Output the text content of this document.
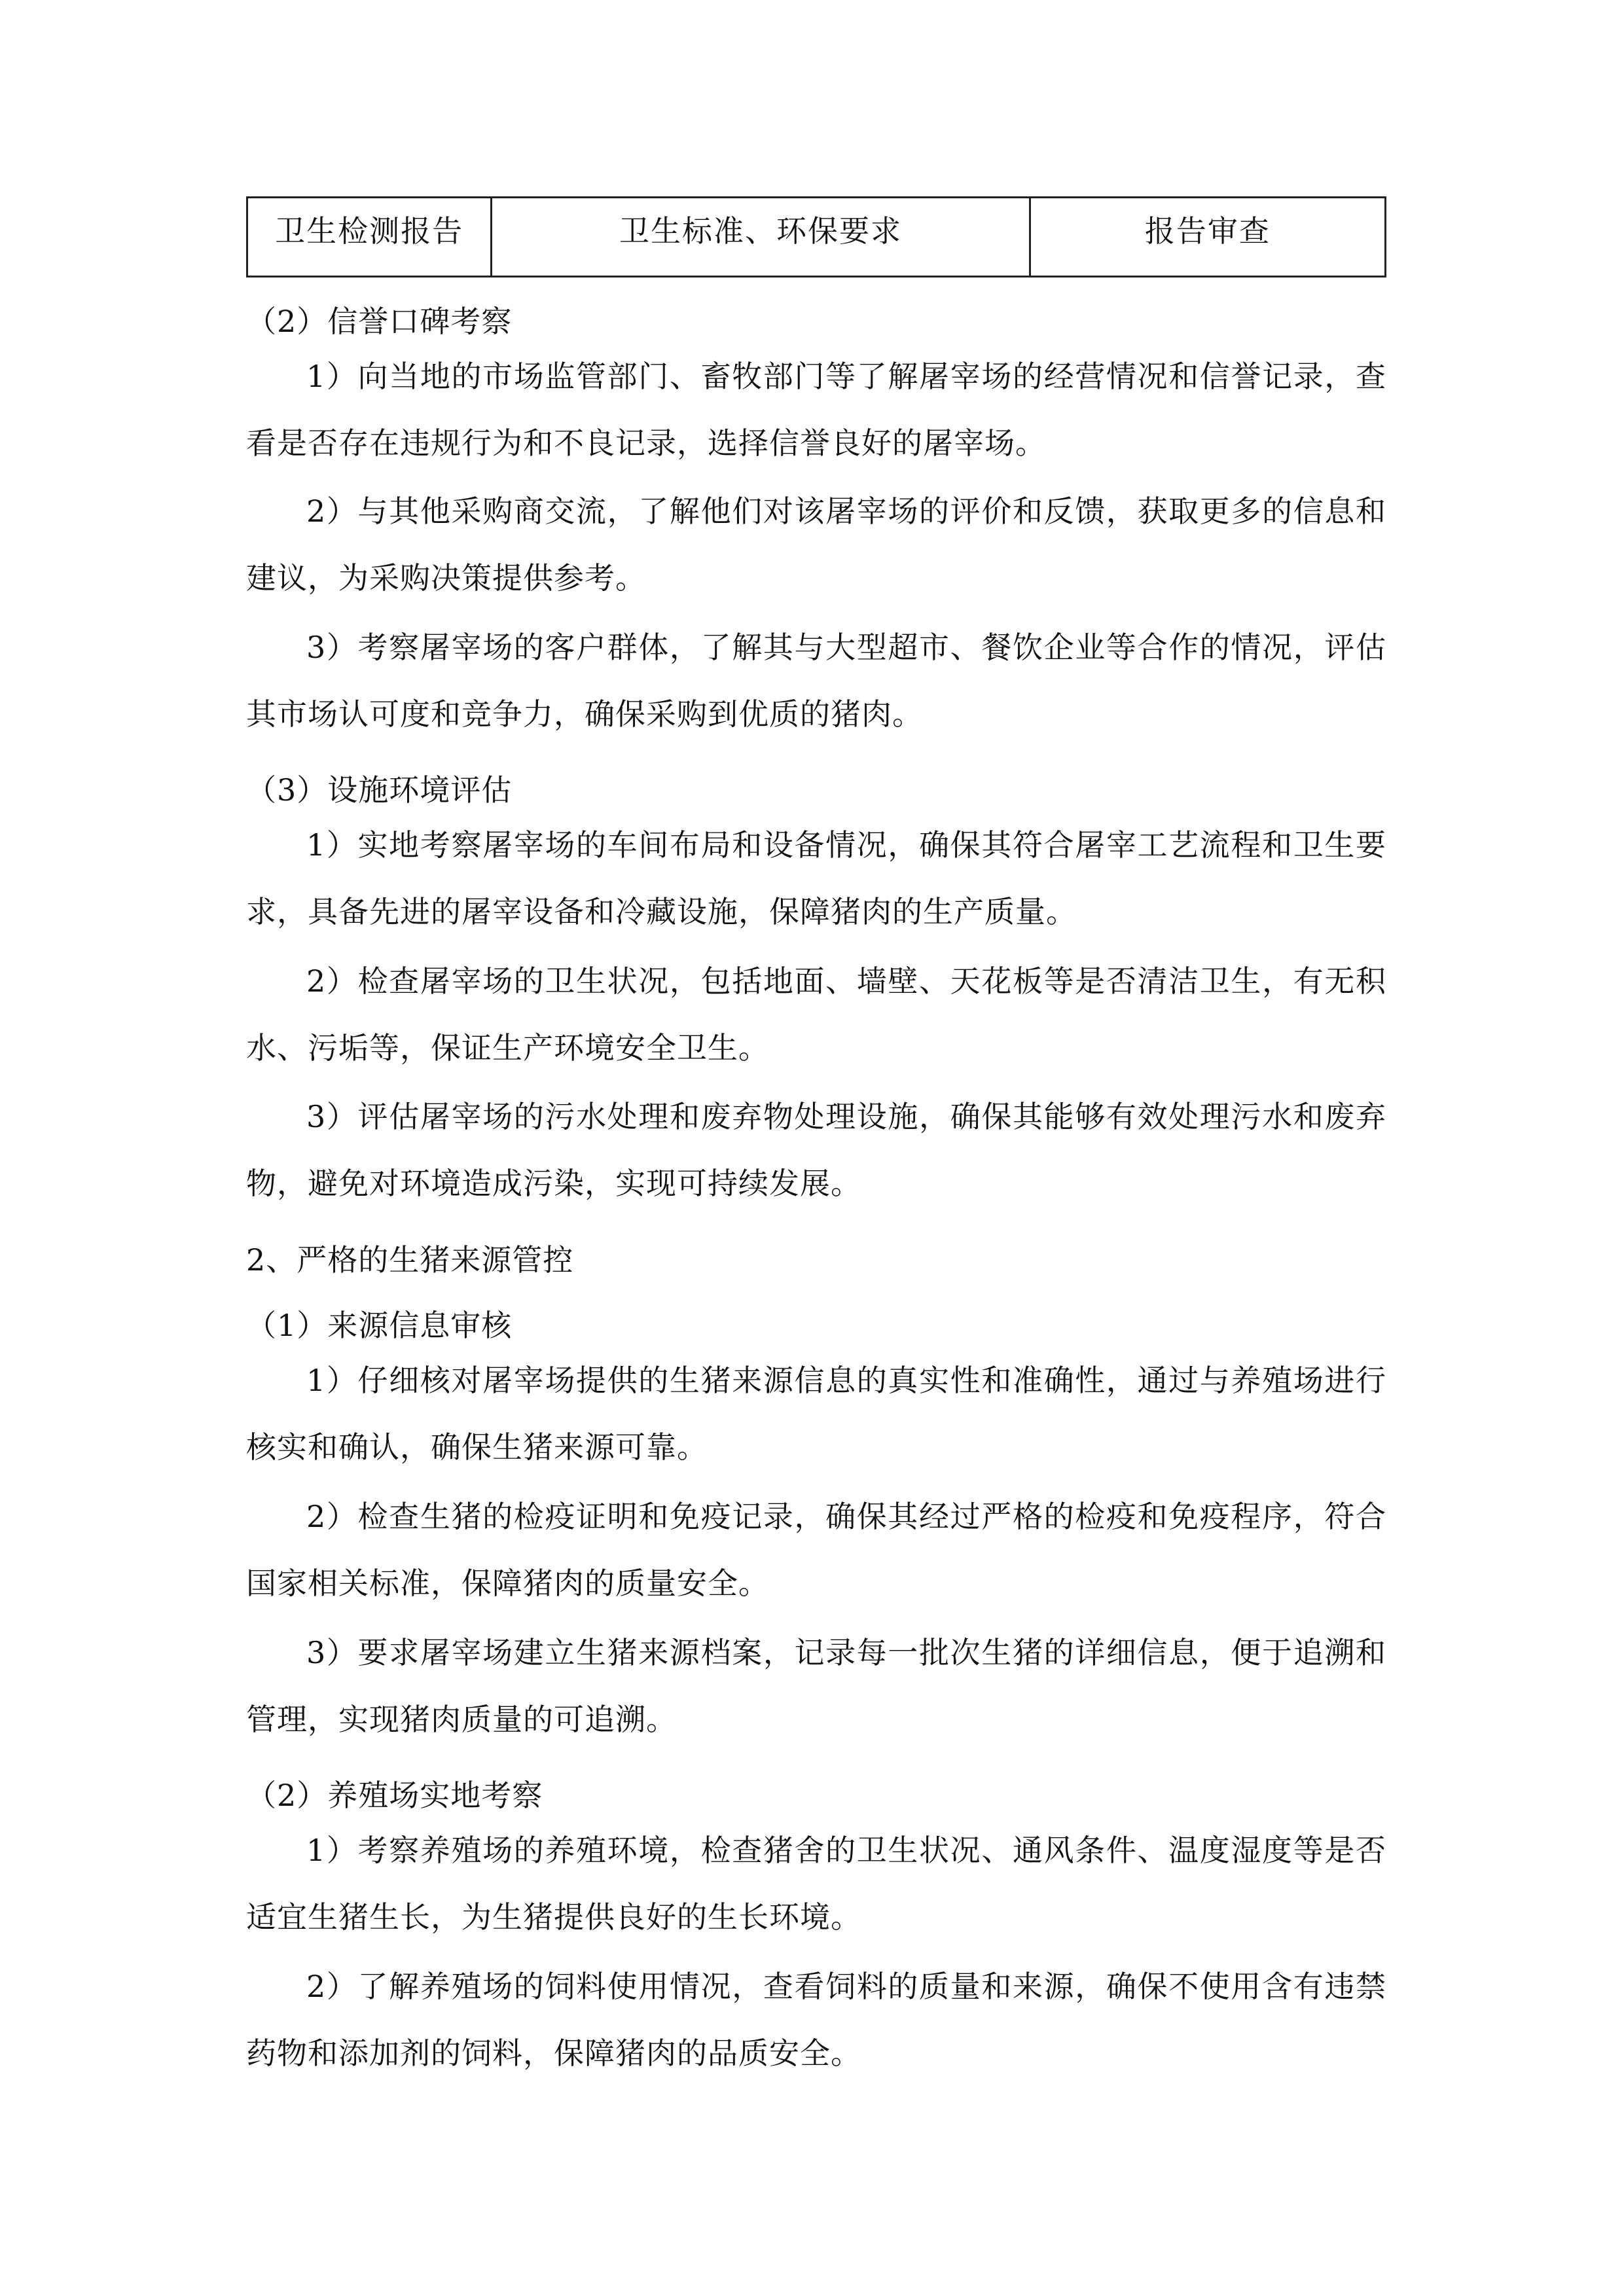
卫生检测报告	卫生标准、环保要求	报告审查

（2）信誉口碑考察

1）向当地的市场监管部门、畜牧部门等了解屠宰场的经营情况和信誉记录，查看是否存在违规行为和不良记录，选择信誉良好的屠宰场。

2）与其他采购商交流，了解他们对该屠宰场的评价和反馈，获取更多的信息和建议，为采购决策提供参考。

3）考察屠宰场的客户群体，了解其与大型超市、餐饮企业等合作的情况，评估其市场认可度和竞争力，确保采购到优质的猪肉。

（3）设施环境评估

1）实地考察屠宰场的车间布局和设备情况，确保其符合屠宰工艺流程和卫生要求，具备先进的屠宰设备和冷藏设施，保障猪肉的生产质量。

2）检查屠宰场的卫生状况，包括地面、墙壁、天花板等是否清洁卫生，有无积水、污垢等，保证生产环境安全卫生。

3）评估屠宰场的污水处理和废弃物处理设施，确保其能够有效处理污水和废弃物，避免对环境造成污染，实现可持续发展。

2、严格的生猪来源管控

（1）来源信息审核

1）仔细核对屠宰场提供的生猪来源信息的真实性和准确性，通过与养殖场进行核实和确认，确保生猪来源可靠。

2）检查生猪的检疫证明和免疫记录，确保其经过严格的检疫和免疫程序，符合国家相关标准，保障猪肉的质量安全。

3）要求屠宰场建立生猪来源档案，记录每一批次生猪的详细信息，便于追溯和管理，实现猪肉质量的可追溯。

（2）养殖场实地考察

1）考察养殖场的养殖环境，检查猪舍的卫生状况、通风条件、温度湿度等是否适宜生猪生长，为生猪提供良好的生长环境。

2）了解养殖场的饲料使用情况，查看饲料的质量和来源，确保不使用含有违禁药物和添加剂的饲料，保障猪肉的品质安全。
